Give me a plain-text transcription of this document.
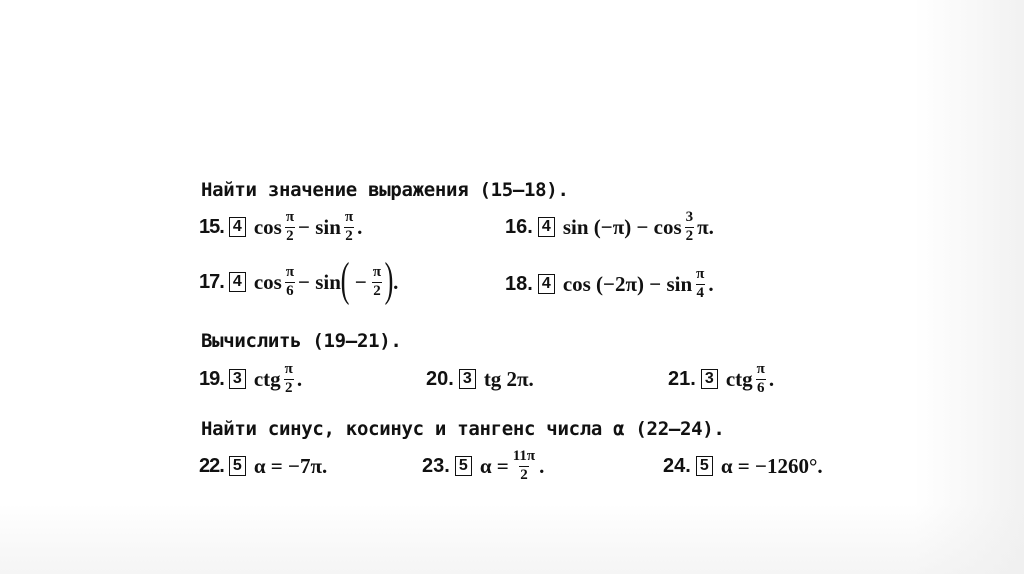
Найти значение выражения (15—18).
15. 4 $\cos \frac{\pi}{2} - \sin \frac{\pi}{2}$ .	16. 4 $\sin (-\pi) - \cos \frac{3}{2} \pi$.
17. 4 $\cos \frac{\pi}{6} - \sin$ ( − $\frac{\pi}{2}$ ) .	18. 4 $\cos (-2\pi) - \sin \frac{\pi}{4}$ .
Вычислить (19—21).
19. 3 ctg $\frac{\pi}{2}$ .	20. 3 tg 2π.	21. 3 ctg $\frac{\pi}{6}$ .
Найти синус, косинус и тангенс числа α (22—24).
22. 5 α = −7π.	23. 5 $\alpha = \frac{11\pi}{2}$ .	24. 5 α = −1260°.
